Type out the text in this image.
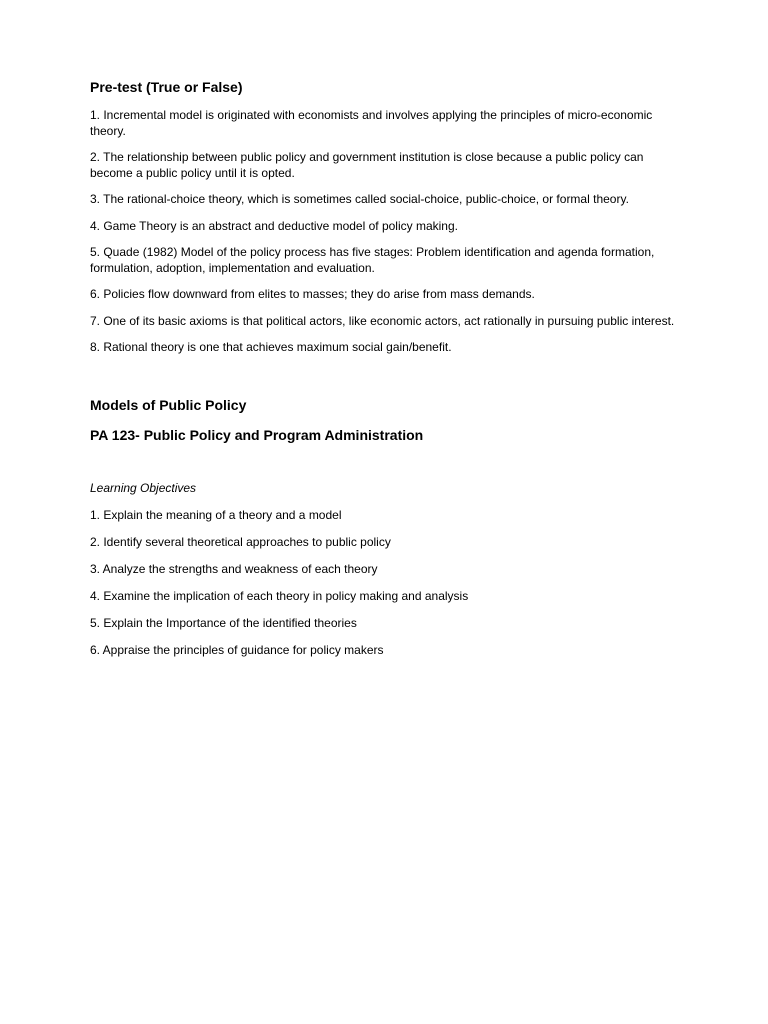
Pre-test (True or False)

1. Incremental model is originated with economists and involves applying the principles of micro-economic theory.

2. The relationship between public policy and government institution is close because a public policy can become a public policy until it is opted.

3. The rational-choice theory, which is sometimes called social-choice, public-choice, or formal theory.

4. Game Theory is an abstract and deductive model of policy making.

5. Quade (1982) Model of the policy process has five stages: Problem identification and agenda formation, formulation, adoption, implementation and evaluation.

6. Policies flow downward from elites to masses; they do arise from mass demands.

7. One of its basic axioms is that political actors, like economic actors, act rationally in pursuing public interest.

8. Rational theory is one that achieves maximum social gain/benefit.

Models of Public Policy
PA 123- Public Policy and Program Administration

Learning Objectives

1. Explain the meaning of a theory and a model

2. Identify several theoretical approaches to public policy

3. Analyze the strengths and weakness of each theory

4. Examine the implication of each theory in policy making and analysis

5. Explain the Importance of the identified theories

6. Appraise the principles of guidance for policy makers
